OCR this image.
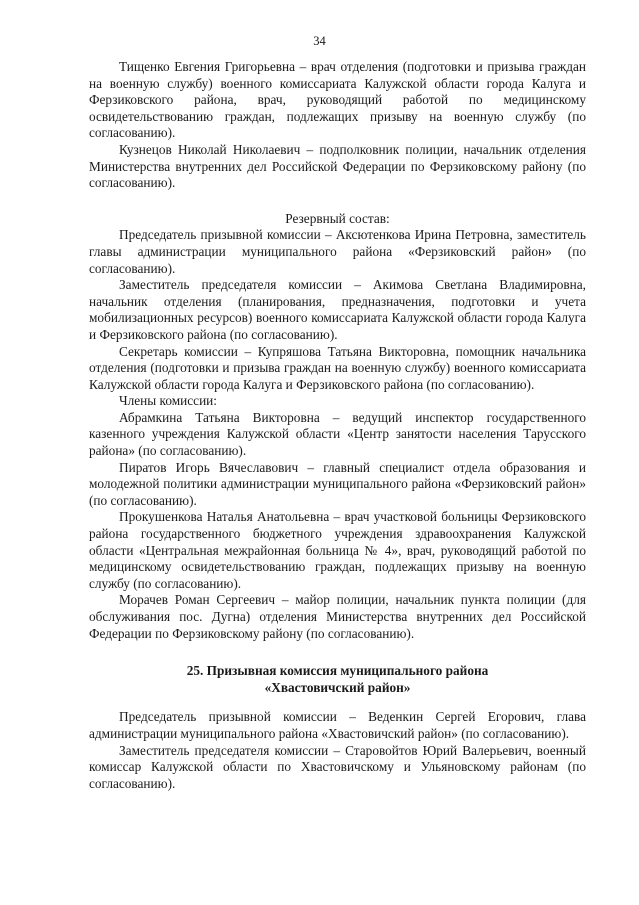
34

Тищенко Евгения Григорьевна – врач отделения (подготовки и призыва граждан на военную службу) военного комиссариата Калужской области города Калуга и Ферзиковского района, врач, руководящий работой по медицинскому освидетельствованию граждан, подлежащих призыву на военную службу (по согласованию).

Кузнецов Николай Николаевич – подполковник полиции, начальник отделения Министерства внутренних дел Российской Федерации по Ферзиковскому району (по согласованию).

Резервный состав:

Председатель призывной комиссии – Аксютенкова Ирина Петровна, заместитель главы администрации муниципального района «Ферзиковский район» (по согласованию).

Заместитель председателя комиссии – Акимова Светлана Владимировна, начальник отделения (планирования, предназначения, подготовки и учета мобилизационных ресурсов) военного комиссариата Калужской области города Калуга и Ферзиковского района (по согласованию).

Секретарь комиссии – Купряшова Татьяна Викторовна, помощник начальника отделения (подготовки и призыва граждан на военную службу) военного комиссариата Калужской области города Калуга и Ферзиковского района (по согласованию).

Члены комиссии:

Абрамкина Татьяна Викторовна – ведущий инспектор государственного казенного учреждения Калужской области «Центр занятости населения Тарусского района» (по согласованию).

Пиратов Игорь Вячеславович – главный специалист отдела образования и молодежной политики администрации муниципального района «Ферзиковский район» (по согласованию).

Прокушенкова Наталья Анатольевна – врач участковой больницы Ферзиковского района государственного бюджетного учреждения здравоохранения Калужской области «Центральная межрайонная больница № 4», врач, руководящий работой по медицинскому освидетельствованию граждан, подлежащих призыву на военную службу (по согласованию).

Морачев Роман Сергеевич – майор полиции, начальник пункта полиции (для обслуживания пос. Дугна) отделения Министерства внутренних дел Российской Федерации по Ферзиковскому району (по согласованию).

25. Призывная комиссия муниципального района
«Хвастовичский район»

Председатель призывной комиссии – Веденкин Сергей Егорович, глава администрации муниципального района «Хвастовичский район» (по согласованию).

Заместитель председателя комиссии – Старовойтов Юрий Валерьевич, военный комиссар Калужской области по Хвастовичскому и Ульяновскому районам (по согласованию).
